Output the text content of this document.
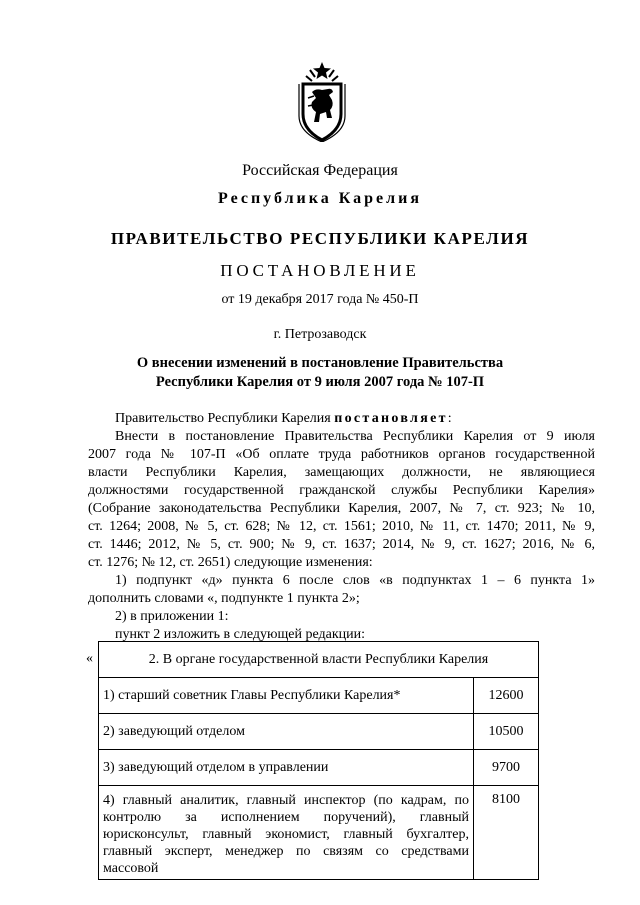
Российская Федерация
Республика Карелия
ПРАВИТЕЛЬСТВО РЕСПУБЛИКИ КАРЕЛИЯ
ПОСТАНОВЛЕНИЕ
от 19 декабря 2017 года № 450-П
г. Петрозаводск
О внесении изменений в постановление Правительства
Республики Карелия от 9 июля 2007 года № 107-П
Правительство Республики Карелия постановляет:
Внести в постановление Правительства Республики Карелия от 9 июля
2007 года № 107-П «Об оплате труда работников органов государственной
власти Республики Карелия, замещающих должности, не являющиеся
должностями государственной гражданской службы Республики Карелия»
(Собрание законодательства Республики Карелия, 2007, № 7, ст. 923; № 10,
ст. 1264; 2008, № 5, ст. 628; № 12, ст. 1561; 2010, № 11, ст. 1470; 2011, № 9,
ст. 1446; 2012, № 5, ст. 900; № 9, ст. 1637; 2014, № 9, ст. 1627; 2016, № 6,
ст. 1276; № 12, ст. 2651) следующие изменения:
1) подпункт «д» пункта 6 после слов «в подпунктах 1 – 6 пункта 1»
дополнить словами «, подпункте 1 пункта 2»;
2) в приложении 1:
пункт 2 изложить в следующей редакции:
«	2. В органе государственной власти Республики Карелия	
1) старший советник Главы Республики Карелия*	12600
2) заведующий отделом	10500
3) заведующий отделом в управлении	9700
4) главный аналитик, главный инспектор (по кадрам, по контролю за исполнением поручений), главный юрисконсульт, главный экономист, главный бухгалтер, главный эксперт, менеджер по связям со средствами массовой	8100
